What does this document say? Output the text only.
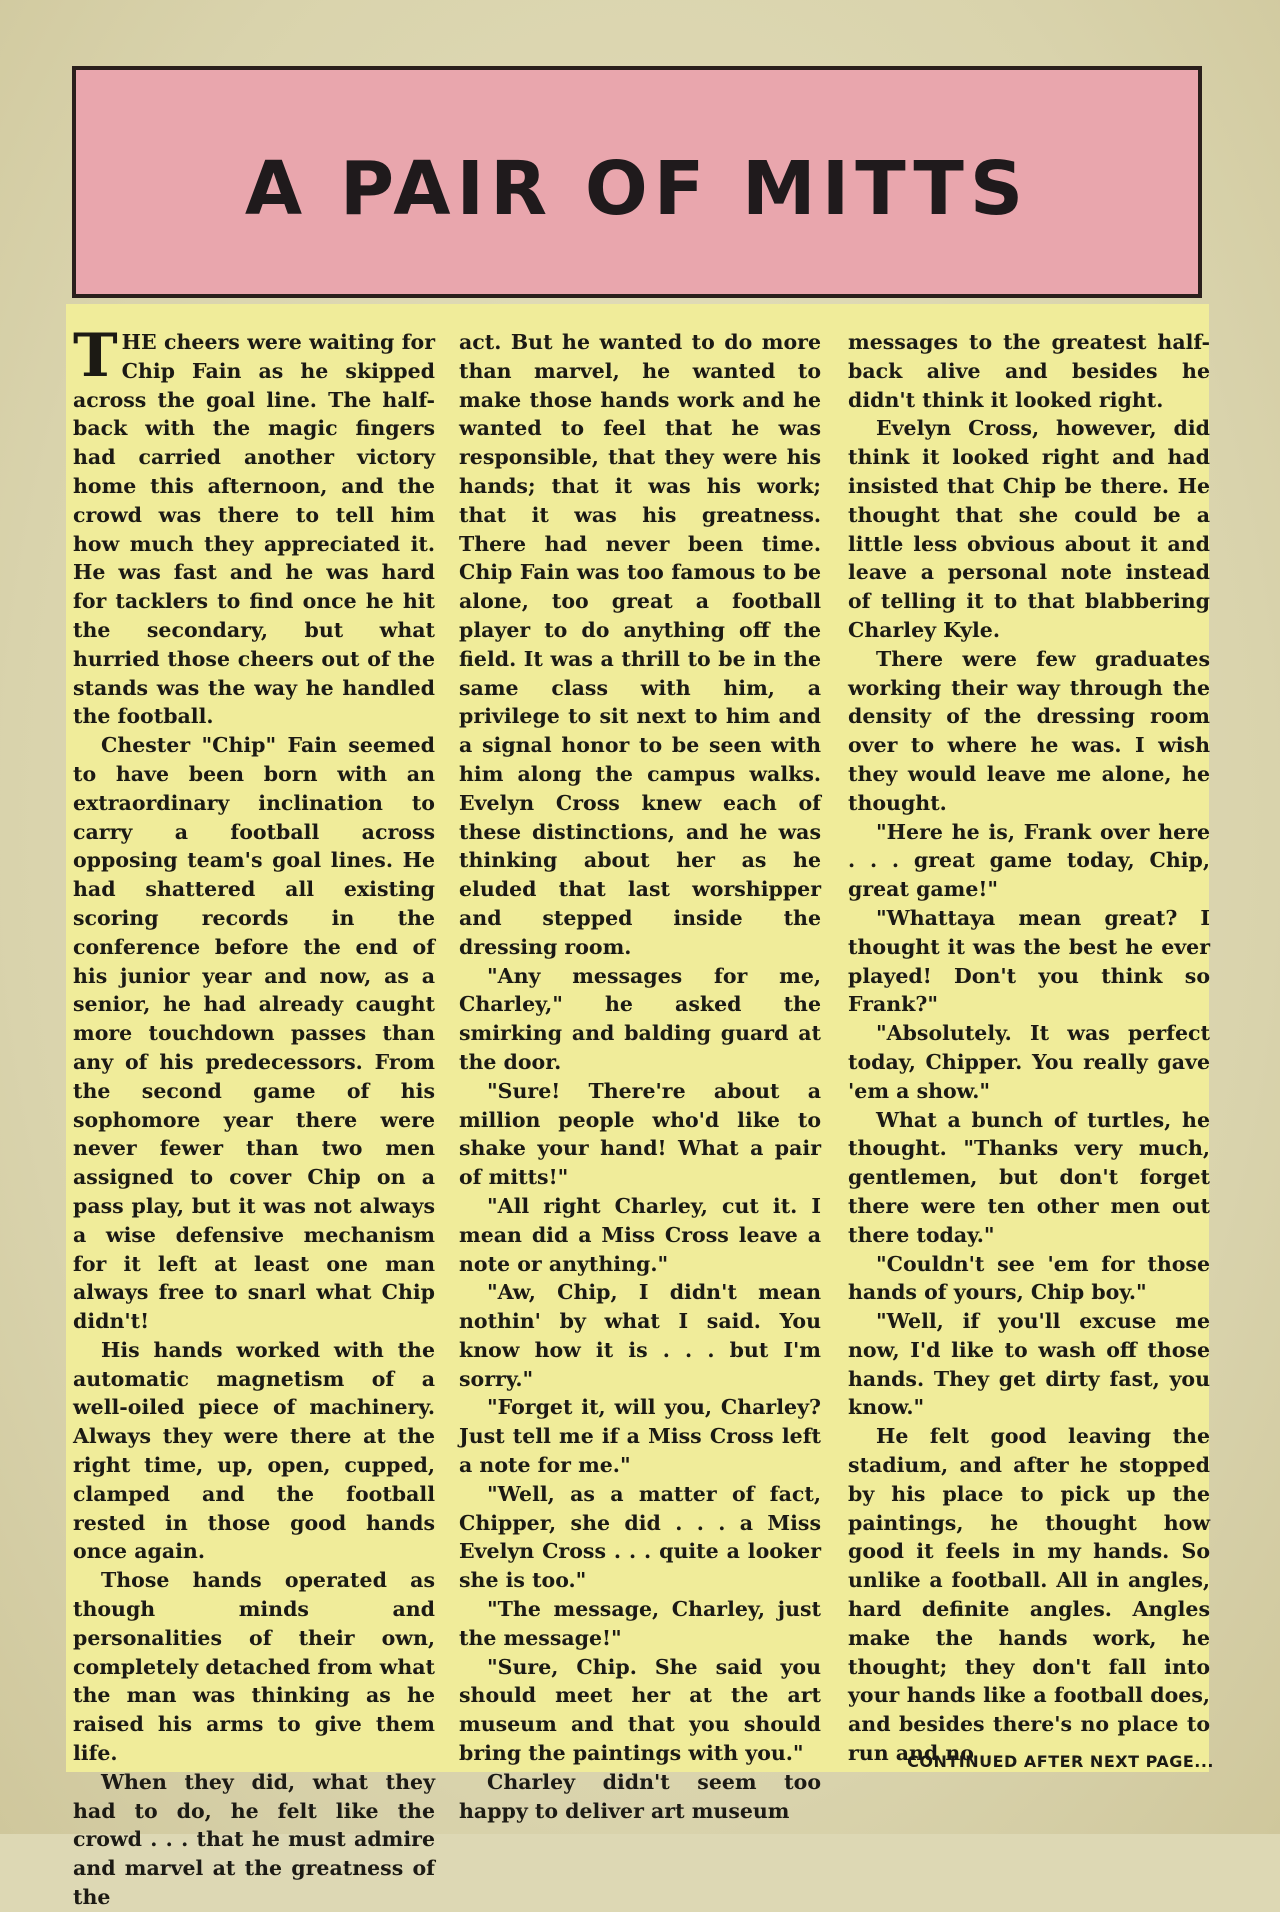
A PAIR OF MITTS

THE cheers were waiting for Chip Fain as he skipped across the goal line. The half-back with the magic fingers had carried another victory home this afternoon, and the crowd was there to tell him how much they appreciated it. He was fast and he was hard for tacklers to find once he hit the secondary, but what hurried those cheers out of the stands was the way he handled the football.

Chester "Chip" Fain seemed to have been born with an extraordinary inclination to carry a football across opposing team's goal lines. He had shattered all existing scoring records in the conference before the end of his junior year and now, as a senior, he had already caught more touchdown passes than any of his predecessors. From the second game of his sophomore year there were never fewer than two men assigned to cover Chip on a pass play, but it was not always a wise defensive mechanism for it left at least one man always free to snarl what Chip didn't!

His hands worked with the automatic magnetism of a well-oiled piece of machinery. Always they were there at the right time, up, open, cupped, clamped and the football rested in those good hands once again.

Those hands operated as though minds and personalities of their own, completely detached from what the man was thinking as he raised his arms to give them life.

When they did, what they had to do, he felt like the crowd . . . that he must admire and marvel at the greatness of the

act. But he wanted to do more than marvel, he wanted to make those hands work and he wanted to feel that he was responsible, that they were his hands; that it was his work; that it was his greatness. There had never been time. Chip Fain was too famous to be alone, too great a football player to do anything off the field. It was a thrill to be in the same class with him, a privilege to sit next to him and a signal honor to be seen with him along the campus walks. Evelyn Cross knew each of these distinctions, and he was thinking about her as he eluded that last worshipper and stepped inside the dressing room.

"Any messages for me, Charley," he asked the smirking and balding guard at the door.

"Sure! There're about a million people who'd like to shake your hand! What a pair of mitts!"

"All right Charley, cut it. I mean did a Miss Cross leave a note or anything."

"Aw, Chip, I didn't mean nothin' by what I said. You know how it is . . . but I'm sorry."

"Forget it, will you, Charley? Just tell me if a Miss Cross left a note for me."

"Well, as a matter of fact, Chipper, she did . . . a Miss Evelyn Cross . . . quite a looker she is too."

"The message, Charley, just the message!"

"Sure, Chip. She said you should meet her at the art museum and that you should bring the paintings with you."

Charley didn't seem too happy to deliver art museum

messages to the greatest half-back alive and besides he didn't think it looked right.

Evelyn Cross, however, did think it looked right and had insisted that Chip be there. He thought that she could be a little less obvious about it and leave a personal note instead of telling it to that blabbering Charley Kyle.

There were few graduates working their way through the density of the dressing room over to where he was. I wish they would leave me alone, he thought.

"Here he is, Frank over here . . . great game today, Chip, great game!"

"Whattaya mean great? I thought it was the best he ever played! Don't you think so Frank?"

"Absolutely. It was perfect today, Chipper. You really gave 'em a show."

What a bunch of turtles, he thought. "Thanks very much, gentlemen, but don't forget there were ten other men out there today."

"Couldn't see 'em for those hands of yours, Chip boy."

"Well, if you'll excuse me now, I'd like to wash off those hands. They get dirty fast, you know."

He felt good leaving the stadium, and after he stopped by his place to pick up the paintings, he thought how good it feels in my hands. So unlike a football. All in angles, hard definite angles. Angles make the hands work, he thought; they don't fall into your hands like a football does, and besides there's no place to run and no

CONTINUED AFTER NEXT PAGE...
